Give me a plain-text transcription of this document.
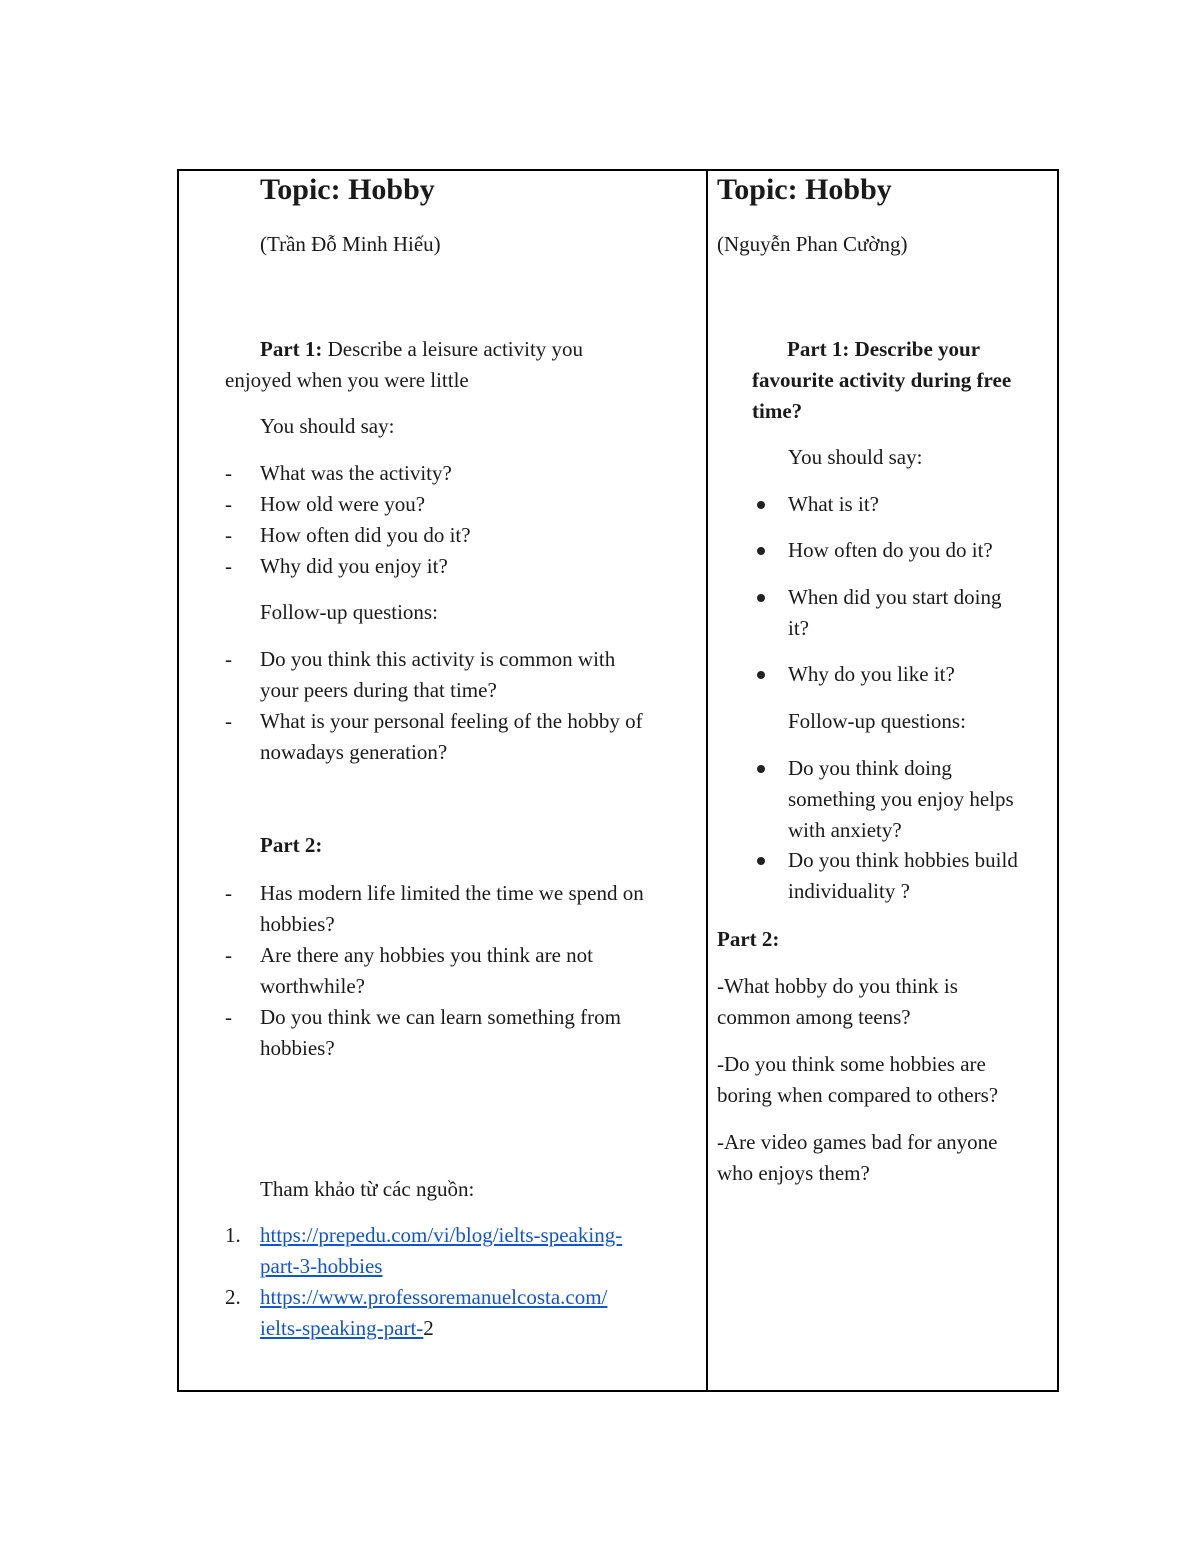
Topic: Hobby
(Trần Đỗ Minh Hiếu)
Part 1: Describe a leisure activity you
enjoyed when you were little
You should say:
- What was the activity?
- How old were you?
- How often did you do it?
- Why did you enjoy it?
Follow-up questions:
- Do you think this activity is common with
your peers during that time?
- What is your personal feeling of the hobby of
nowadays generation?
Part 2:
- Has modern life limited the time we spend on
hobbies?
- Are there any hobbies you think are not
worthwhile?
- Do you think we can learn something from
hobbies?
Tham khảo từ các nguồn:
1. https://prepedu.com/vi/blog/ielts-speaking-
part-3-hobbies
2. https://www.professoremanuelcosta.com/
ielts-speaking-part-2
Topic: Hobby
(Nguyễn Phan Cường)
Part 1: Describe your
favourite activity during free
time?
You should say:
What is it?
How often do you do it?
When did you start doing
it?
Why do you like it?
Follow-up questions:
Do you think doing
something you enjoy helps
with anxiety?
Do you think hobbies build
individuality ?
Part 2:
-What hobby do you think is
common among teens?
-Do you think some hobbies are
boring when compared to others?
-Are video games bad for anyone
who enjoys them?
